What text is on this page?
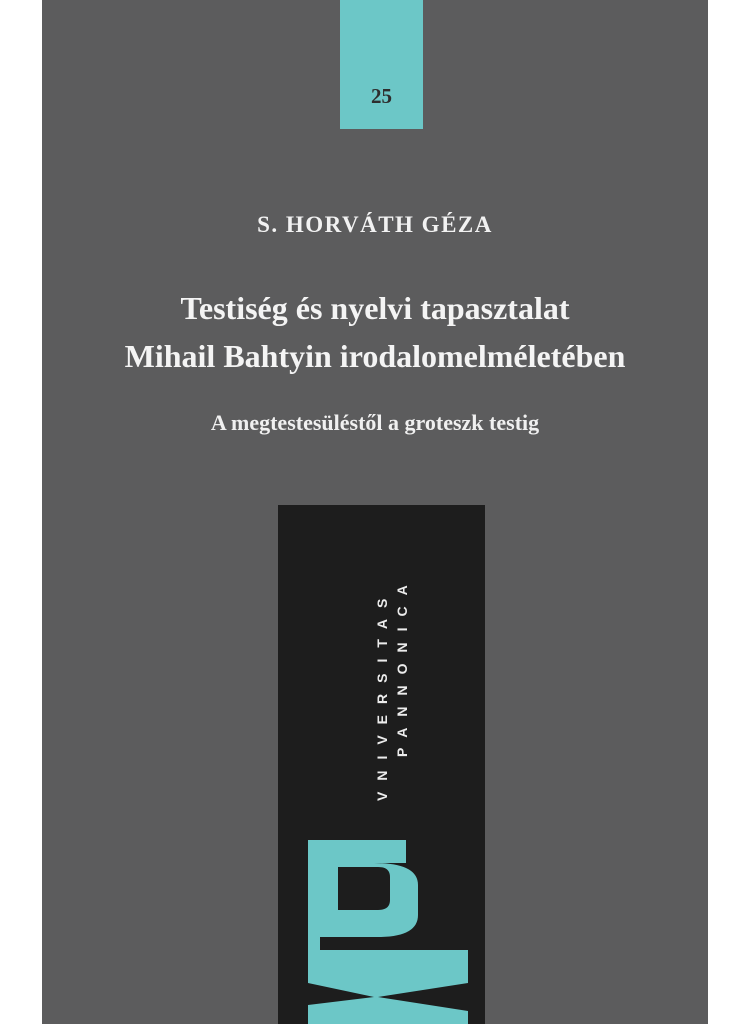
25
S. HORVÁTH GÉZA
Testiség és nyelvi tapasztalat
Mihail Bahtyin irodalomelméletében
A megtestesüléstől a groteszk testig
VNIVERSITAS PANNONICA
